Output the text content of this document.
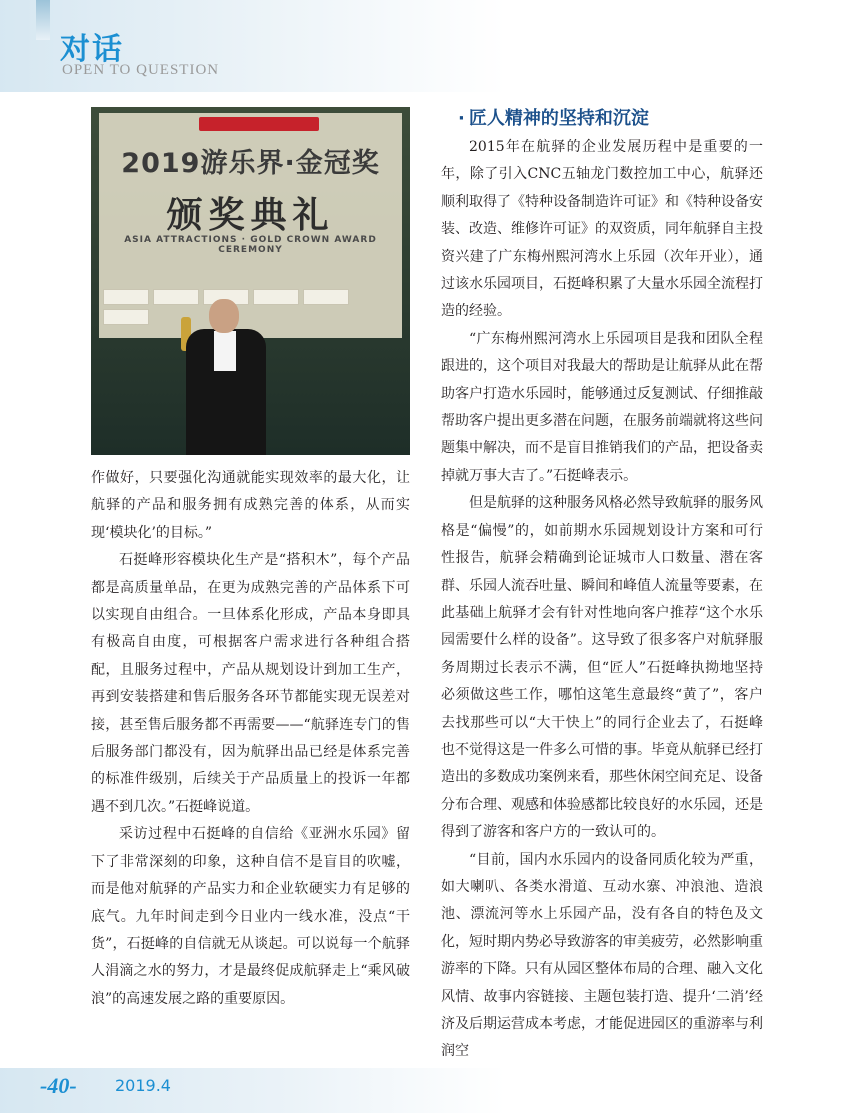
对话
OPEN TO QUESTION
2019游乐界·金冠奖
颁奖典礼
ASIA ATTRACTIONS · GOLD CROWN AWARD CEREMONY

作做好，只要强化沟通就能实现效率的最大化，让航驿的产品和服务拥有成熟完善的体系，从而实现‘模块化’的目标。”

石挺峰形容模块化生产是“搭积木”，每个产品都是高质量单品，在更为成熟完善的产品体系下可以实现自由组合。一旦体系化形成，产品本身即具有极高自由度，可根据客户需求进行各种组合搭配，且服务过程中，产品从规划设计到加工生产，再到安装搭建和售后服务各环节都能实现无误差对接，甚至售后服务都不再需要——“航驿连专门的售后服务部门都没有，因为航驿出品已经是体系完善的标准件级别，后续关于产品质量上的投诉一年都遇不到几次。”石挺峰说道。

采访过程中石挺峰的自信给《亚洲水乐园》留下了非常深刻的印象，这种自信不是盲目的吹嘘，而是他对航驿的产品实力和企业软硬实力有足够的底气。九年时间走到今日业内一线水准，没点“干货”，石挺峰的自信就无从谈起。可以说每一个航驿人涓滴之水的努力，才是最终促成航驿走上“乘风破浪”的高速发展之路的重要原因。

· 匠人精神的坚持和沉淀

2015年在航驿的企业发展历程中是重要的一年，除了引入CNC五轴龙门数控加工中心，航驿还顺利取得了《特种设备制造许可证》和《特种设备安装、改造、维修许可证》的双资质，同年航驿自主投资兴建了广东梅州熙河湾水上乐园（次年开业），通过该水乐园项目，石挺峰积累了大量水乐园全流程打造的经验。

“广东梅州熙河湾水上乐园项目是我和团队全程跟进的，这个项目对我最大的帮助是让航驿从此在帮助客户打造水乐园时，能够通过反复测试、仔细推敲帮助客户提出更多潜在问题，在服务前端就将这些问题集中解决，而不是盲目推销我们的产品，把设备卖掉就万事大吉了。”石挺峰表示。

但是航驿的这种服务风格必然导致航驿的服务风格是“偏慢”的，如前期水乐园规划设计方案和可行性报告，航驿会精确到论证城市人口数量、潜在客群、乐园人流吞吐量、瞬间和峰值人流量等要素，在此基础上航驿才会有针对性地向客户推荐“这个水乐园需要什么样的设备”。这导致了很多客户对航驿服务周期过长表示不满，但“匠人”石挺峰执拗地坚持必须做这些工作，哪怕这笔生意最终“黄了”，客户去找那些可以“大干快上”的同行企业去了，石挺峰也不觉得这是一件多么可惜的事。毕竟从航驿已经打造出的多数成功案例来看，那些休闲空间充足、设备分布合理、观感和体验感都比较良好的水乐园，还是得到了游客和客户方的一致认可的。

“目前，国内水乐园内的设备同质化较为严重，如大喇叭、各类水滑道、互动水寨、冲浪池、造浪池、漂流河等水上乐园产品，没有各自的特色及文化，短时期内势必导致游客的审美疲劳，必然影响重游率的下降。只有从园区整体布局的合理、融入文化风情、故事内容链接、主题包装打造、提升‘二消’经济及后期运营成本考虑，才能促进园区的重游率与利润空

-40- 2019.4
